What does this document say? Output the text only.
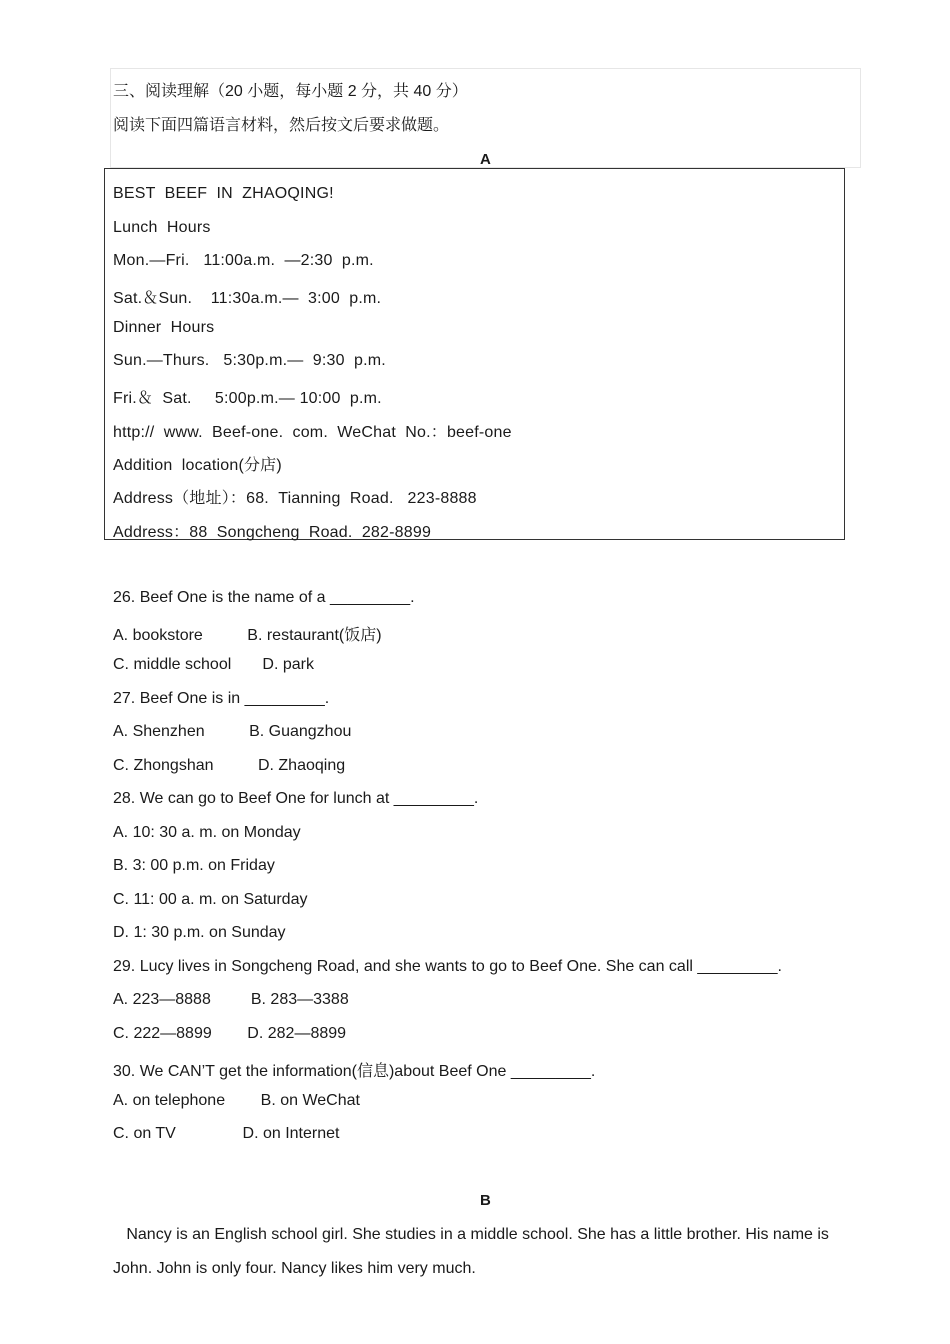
三、阅读理解（20 小题，每小题 2 分，共 40 分）
阅读下面四篇语言材料，然后按文后要求做题。
A
BEST  BEEF  IN  ZHAOQING!
Lunch  Hours
Mon.—Fri.   11:00a.m.  —2:30  p.m.
Sat.＆Sun.    11:30a.m.—  3:00  p.m.
Dinner  Hours
Sun.—Thurs.   5:30p.m.—  9:30  p.m.
Fri.＆  Sat.     5:00p.m.— 10:00  p.m.
http://  www.  Beef-one.  com.  WeChat  No.：beef-one
Addition  location(分店)
Address（地址）：68.  Tianning  Road.   223-8888
Address：88  Songcheng  Road.  282-8899
26. Beef One is the name of a _________.
A. bookstore          B. restaurant(饭店)
C. middle school       D. park
27. Beef One is in _________.
A. Shenzhen          B. Guangzhou
C. Zhongshan          D. Zhaoqing
28. We can go to Beef One for lunch at _________.
A. 10: 30 a. m. on Monday
B. 3: 00 p.m. on Friday
C. 11: 00 a. m. on Saturday
D. 1: 30 p.m. on Sunday
29. Lucy lives in Songcheng Road, and she wants to go to Beef One. She can call _________.
A. 223—8888         B. 283—3388
C. 222—8899        D. 282—8899
30. We CAN’T get the information(信息)about Beef One _________.
A. on telephone        B. on WeChat
C. on TV               D. on Internet
B
Nancy is an English school girl. She studies in a middle school. She has a little brother. His name is
John. John is only four. Nancy likes him very much.
